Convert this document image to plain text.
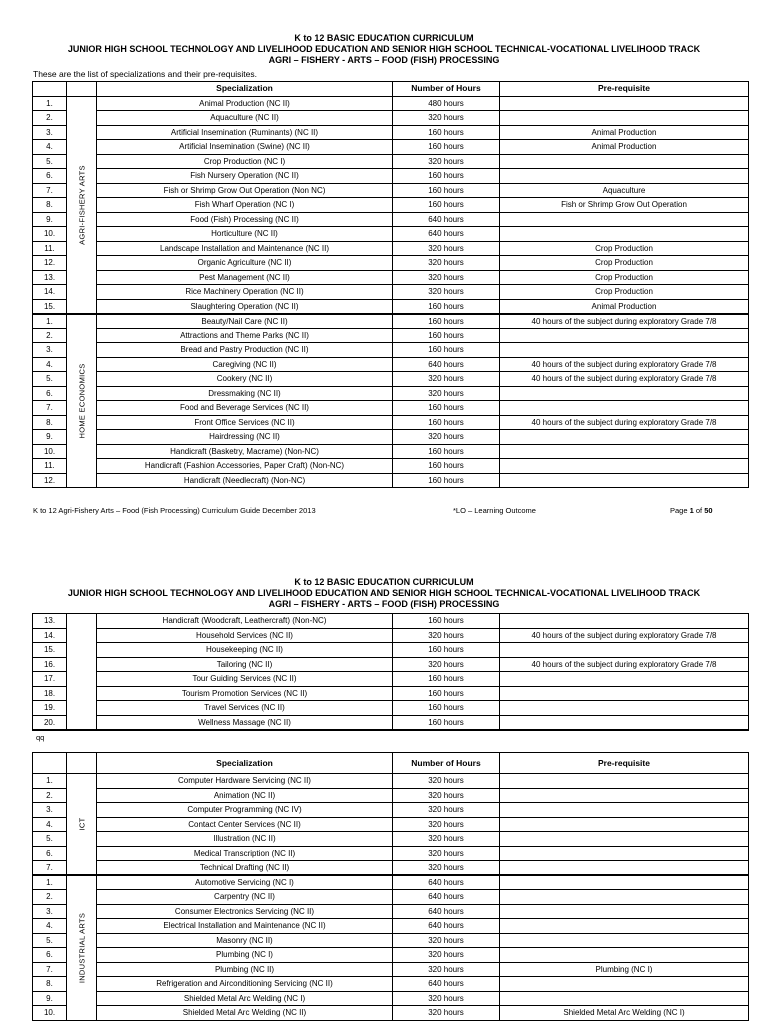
K to 12 BASIC EDUCATION CURRICULUM
JUNIOR HIGH SCHOOL TECHNOLOGY AND LIVELIHOOD EDUCATION AND SENIOR HIGH SCHOOL TECHNICAL-VOCATIONAL LIVELIHOOD TRACK
AGRI – FISHERY - ARTS – FOOD (FISH) PROCESSING
These are the list of specializations and their pre-requisites.
		Specialization	Number of Hours	Pre-requisite
1.	AGRI-FISHERY ARTS	Animal Production (NC II)	480 hours	
2.		Aquaculture (NC II)	320 hours	
3.		Artificial Insemination (Ruminants) (NC II)	160 hours	Animal Production
4.		Artificial Insemination (Swine) (NC II)	160 hours	Animal Production
5.		Crop Production (NC I)	320 hours	
6.		Fish Nursery Operation (NC II)	160 hours	
7.		Fish or Shrimp Grow Out Operation (Non NC)	160 hours	Aquaculture
8.		Fish Wharf Operation (NC I)	160 hours	Fish or Shrimp Grow Out Operation
9.		Food (Fish) Processing (NC II)	640 hours	
10.		Horticulture (NC II)	640 hours	
11.		Landscape Installation and Maintenance (NC II)	320 hours	Crop Production
12.		Organic Agriculture (NC II)	320 hours	Crop Production
13.		Pest Management (NC II)	320 hours	Crop Production
14.		Rice Machinery Operation (NC II)	320 hours	Crop Production
15.		Slaughtering Operation (NC II)	160 hours	Animal Production
1.	HOME ECONOMICS	Beauty/Nail Care (NC II)	160 hours	40 hours of the subject during exploratory Grade 7/8
2.		Attractions and Theme Parks (NC II)	160 hours	
3.		Bread and Pastry Production (NC II)	160 hours	
4.		Caregiving (NC II)	640 hours	40 hours of the subject during exploratory Grade 7/8
5.		Cookery (NC II)	320 hours	40 hours of the subject during exploratory Grade 7/8
6.		Dressmaking (NC II)	320 hours	
7.		Food and Beverage Services (NC II)	160 hours	
8.		Front Office Services (NC II)	160 hours	40 hours of the subject during exploratory Grade 7/8
9.		Hairdressing (NC II)	320 hours	
10.		Handicraft (Basketry, Macrame) (Non-NC)	160 hours	
11.		Handicraft (Fashion Accessories, Paper Craft) (Non-NC)	160 hours	
12.		Handicraft (Needlecraft) (Non-NC)	160 hours	
K to 12 Agri-Fishery Arts – Food (Fish Processing) Curriculum Guide December 2013	*LO – Learning Outcome	Page 1 of 50
K to 12 BASIC EDUCATION CURRICULUM
JUNIOR HIGH SCHOOL TECHNOLOGY AND LIVELIHOOD EDUCATION AND SENIOR HIGH SCHOOL TECHNICAL-VOCATIONAL LIVELIHOOD TRACK
AGRI – FISHERY - ARTS – FOOD (FISH) PROCESSING
13.		Handicraft (Woodcraft, Leathercraft) (Non-NC)	160 hours	
14.		Household Services (NC II)	320 hours	40 hours of the subject during exploratory Grade 7/8
15.		Housekeeping (NC II)	160 hours	
16.		Tailoring (NC II)	320 hours	40 hours of the subject during exploratory Grade 7/8
17.		Tour Guiding Services (NC II)	160 hours	
18.		Tourism Promotion Services (NC II)	160 hours	
19.		Travel Services (NC II)	160 hours	
20.		Wellness Massage (NC II)	160 hours	
qq
		Specialization	Number of Hours	Pre-requisite
1.	ICT	Computer Hardware Servicing (NC II)	320 hours	
2.		Animation (NC II)	320 hours	
3.		Computer Programming (NC IV)	320 hours	
4.		Contact Center Services (NC II)	320 hours	
5.		Illustration (NC II)	320 hours	
6.		Medical Transcription (NC II)	320 hours	
7.		Technical Drafting (NC II)	320 hours	
1.	INDUSTRIAL ARTS	Automotive Servicing (NC I)	640 hours	
2.		Carpentry (NC II)	640 hours	
3.		Consumer Electronics Servicing (NC II)	640 hours	
4.		Electrical Installation and Maintenance (NC II)	640 hours	
5.		Masonry (NC II)	320 hours	
6.		Plumbing (NC I)	320 hours	
7.		Plumbing (NC II)	320 hours	Plumbing (NC I)
8.		Refrigeration and Airconditioning Servicing (NC II)	640 hours	
9.		Shielded Metal Arc Welding (NC I)	320 hours	
10.		Shielded Metal Arc Welding (NC II)	320 hours	Shielded Metal Arc Welding (NC I)
